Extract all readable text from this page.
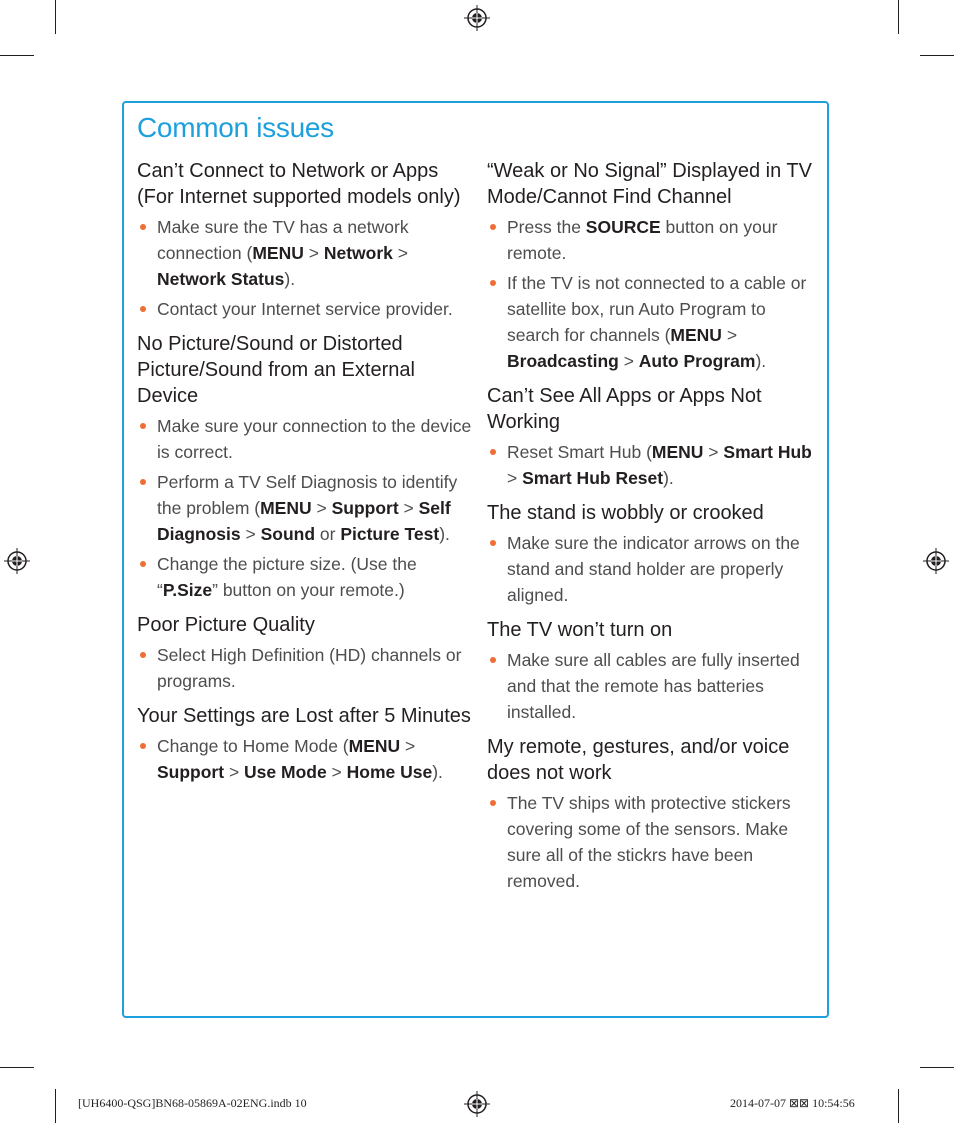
Common issues
Can’t Connect to Network or Apps (For Internet supported models only)
Make sure the TV has a network connection (MENU > Network > Network Status).
Contact your Internet service provider.
No Picture/Sound or Distorted Picture/Sound from an External Device
Make sure your connection to the device is correct.
Perform a TV Self Diagnosis to identify the problem (MENU > Support > Self Diagnosis > Sound or Picture Test).
Change the picture size. (Use the “P.Size” button on your remote.)
Poor Picture Quality
Select High Definition (HD) channels or programs.
Your Settings are Lost after 5 Minutes
Change to Home Mode (MENU > Support > Use Mode > Home Use).
“Weak or No Signal” Displayed in TV Mode/Cannot Find Channel
Press the SOURCE button on your remote.
If the TV is not connected to a cable or satellite box, run Auto Program to search for channels (MENU > Broadcasting > Auto Program).
Can’t See All Apps or Apps Not Working
Reset Smart Hub (MENU > Smart Hub > Smart Hub Reset).
The stand is wobbly or crooked
Make sure the indicator arrows on the stand and stand holder are properly aligned.
The TV won’t turn on
Make sure all cables are fully inserted and that the remote has batteries installed.
My remote, gestures, and/or voice does not work
The TV ships with protective stickers covering some of the sensors. Make sure all of the stickrs have been removed.
[UH6400-QSG]BN68-05869A-02ENG.indb 10	2014-07-07 ⊠⊠ 10:54:56
